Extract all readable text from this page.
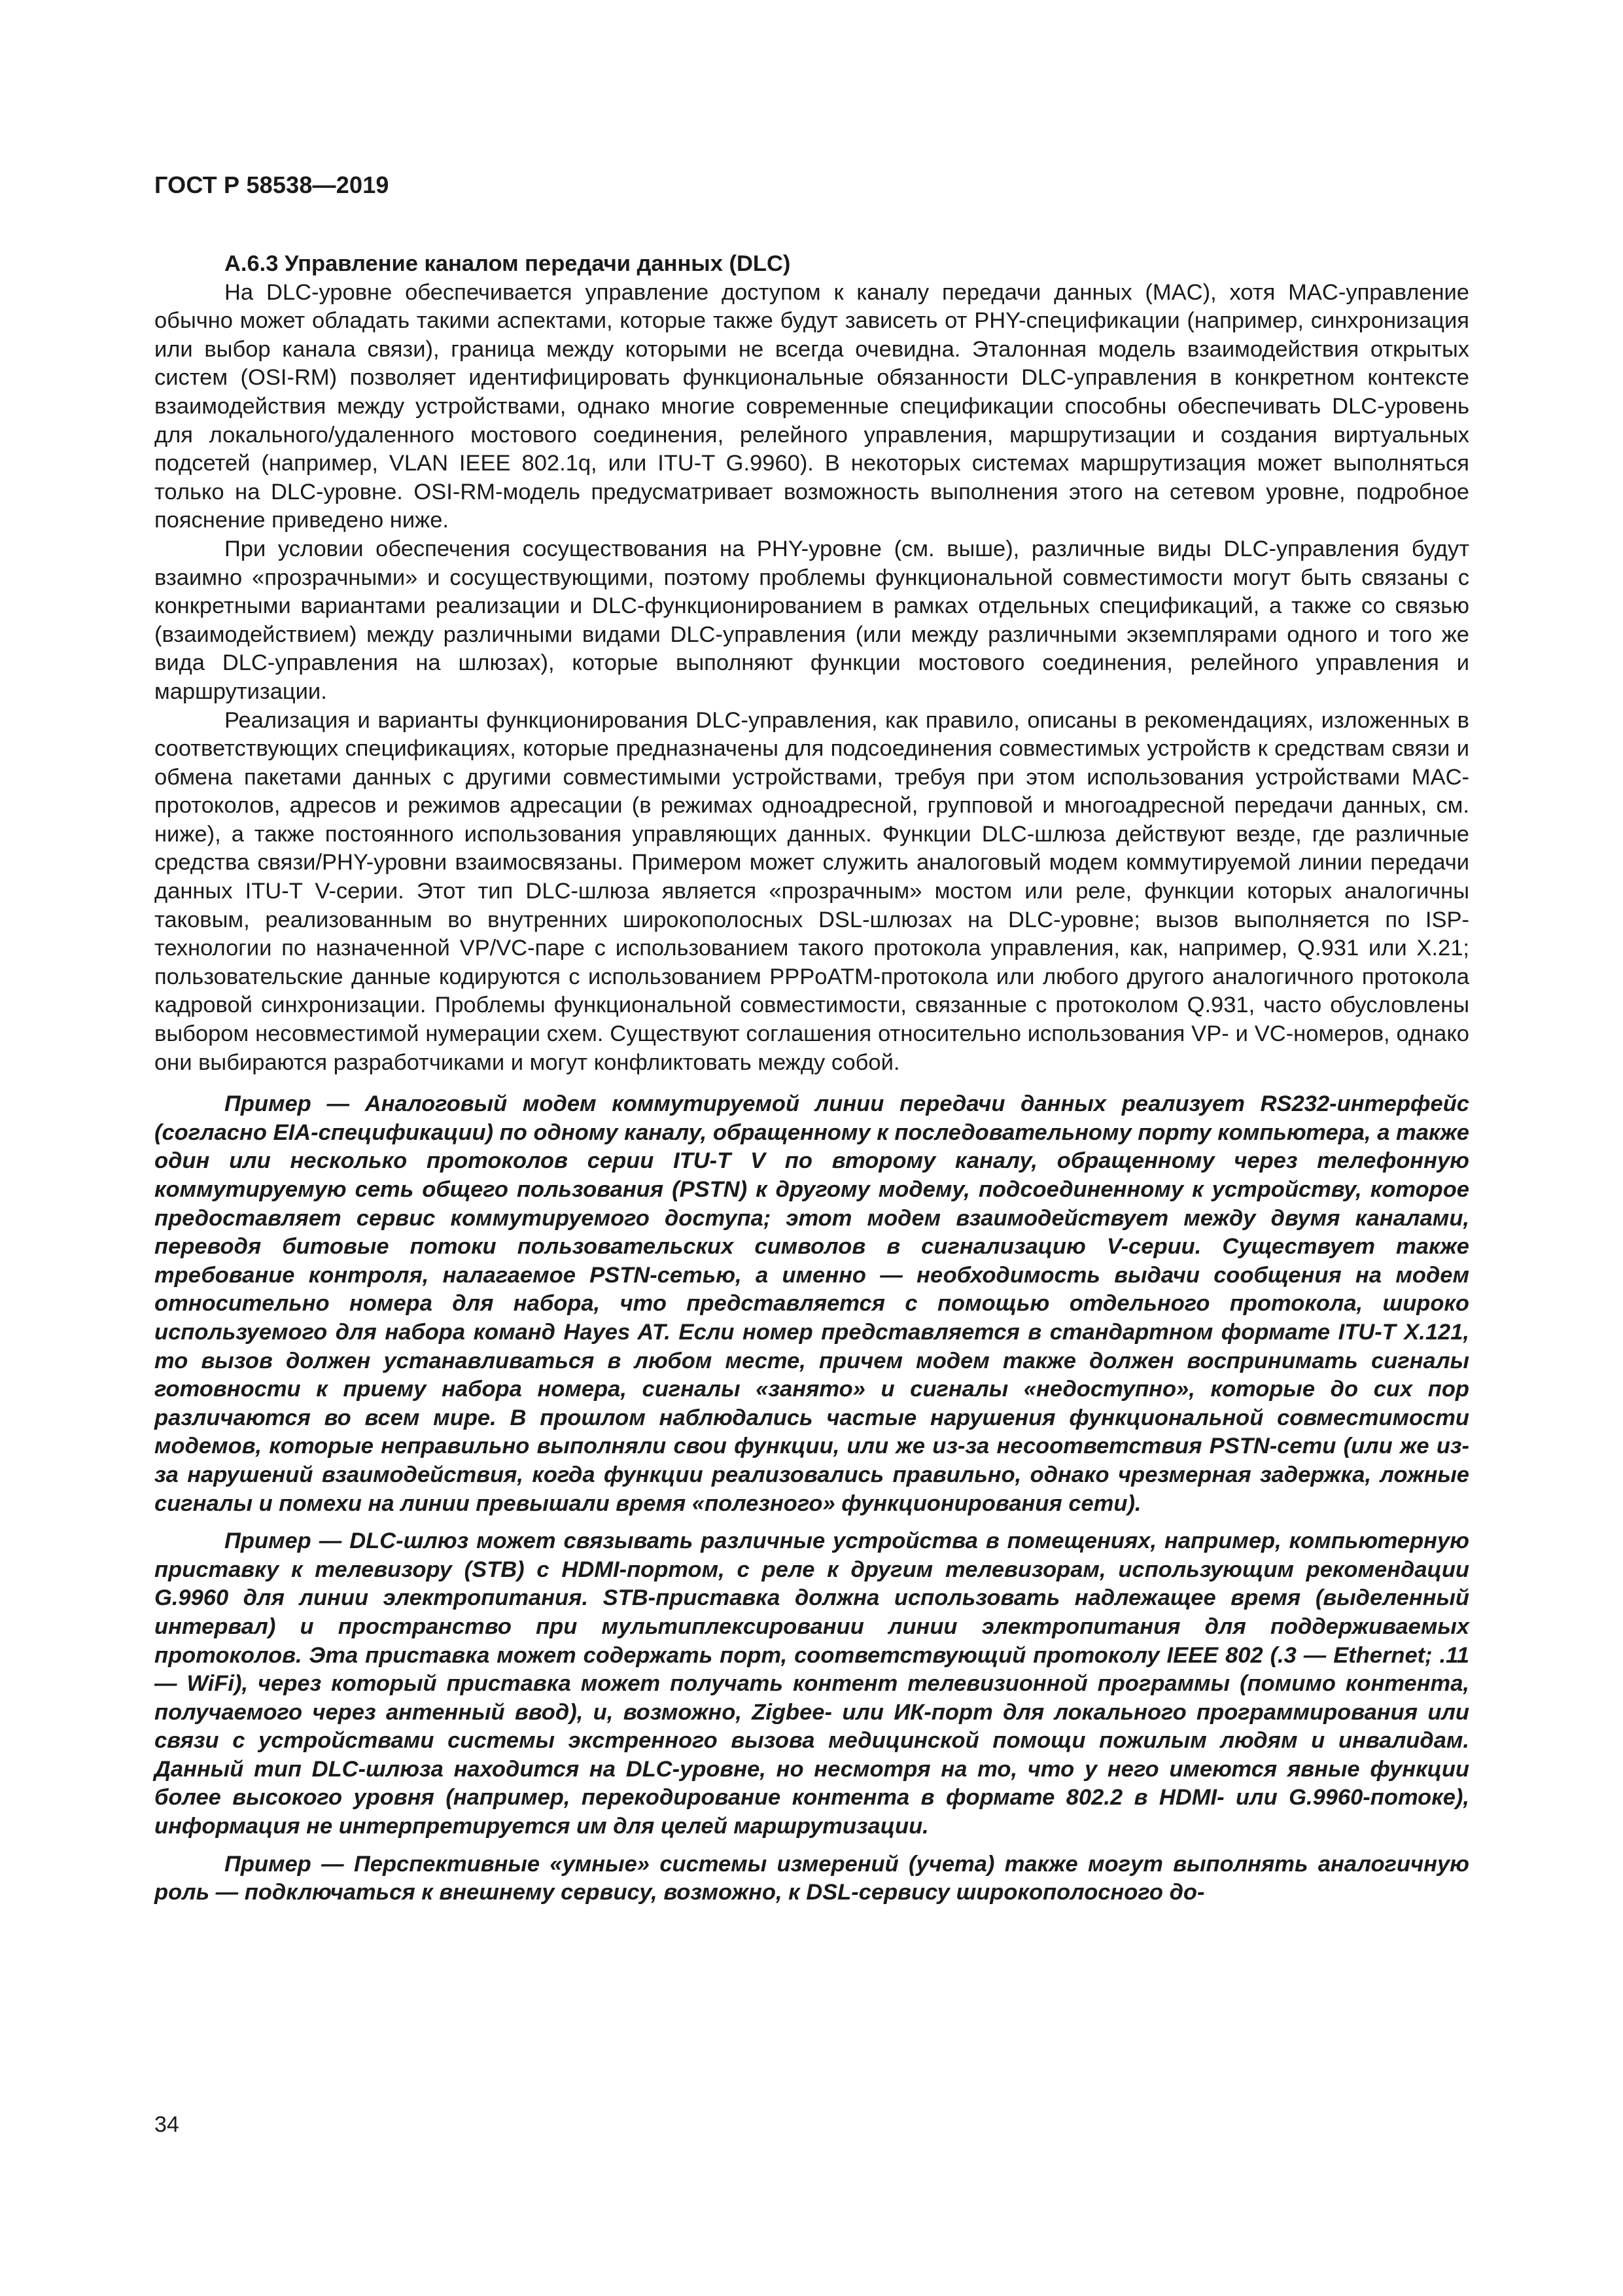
ГОСТ Р 58538—2019

А.6.3 Управление каналом передачи данных (DLC)

На DLC-уровне обеспечивается управление доступом к каналу передачи данных (MAC), хотя MAC-управление обычно может обладать такими аспектами, которые также будут зависеть от PHY-спецификации (например, синхронизация или выбор канала связи), граница между которыми не всегда очевидна. Эталонная модель взаимодействия открытых систем (OSI-RM) позволяет идентифицировать функциональные обязанности DLC-управления в конкретном контексте взаимодействия между устройствами, однако многие современные спецификации способны обеспечивать DLC-уровень для локального/удаленного мостового соединения, релейного управления, маршрутизации и создания виртуальных подсетей (например, VLAN IEEE 802.1q, или ITU-T G.9960). В некоторых системах маршрутизация может выполняться только на DLC-уровне. OSI-RM-модель предусматривает возможность выполнения этого на сетевом уровне, подробное пояснение приведено ниже.

При условии обеспечения сосуществования на PHY-уровне (см. выше), различные виды DLC-управления будут взаимно «прозрачными» и сосуществующими, поэтому проблемы функциональной совместимости могут быть связаны с конкретными вариантами реализации и DLC-функционированием в рамках отдельных спецификаций, а также со связью (взаимодействием) между различными видами DLC-управления (или между различными экземплярами одного и того же вида DLC-управления на шлюзах), которые выполняют функции мостового соединения, релейного управления и маршрутизации.

Реализация и варианты функционирования DLC-управления, как правило, описаны в рекомендациях, изложенных в соответствующих спецификациях, которые предназначены для подсоединения совместимых устройств к средствам связи и обмена пакетами данных с другими совместимыми устройствами, требуя при этом использования устройствами MAC-протоколов, адресов и режимов адресации (в режимах одноадресной, групповой и многоадресной передачи данных, см. ниже), а также постоянного использования управляющих данных. Функции DLC-шлюза действуют везде, где различные средства связи/PHY-уровни взаимосвязаны. Примером может служить аналоговый модем коммутируемой линии передачи данных ITU-T V-серии. Этот тип DLC-шлюза является «прозрачным» мостом или реле, функции которых аналогичны таковым, реализованным во внутренних широкополосных DSL-шлюзах на DLC-уровне; вызов выполняется по ISP-технологии по назначенной VP/VC-паре с использованием такого протокола управления, как, например, Q.931 или X.21; пользовательские данные кодируются с использованием PPPoATM-протокола или любого другого аналогичного протокола кадровой синхронизации. Проблемы функциональной совместимости, связанные с протоколом Q.931, часто обусловлены выбором несовместимой нумерации схем. Существуют соглашения относительно использования VP- и VC-номеров, однако они выбираются разработчиками и могут конфликтовать между собой.

Пример — Аналоговый модем коммутируемой линии передачи данных реализует RS232-интерфейс (согласно EIA-спецификации) по одному каналу, обращенному к последовательному порту компьютера, а также один или несколько протоколов серии ITU-T V по второму каналу, обращенному через телефонную коммутируемую сеть общего пользования (PSTN) к другому модему, подсоединенному к устройству, которое предоставляет сервис коммутируемого доступа; этот модем взаимодействует между двумя каналами, переводя битовые потоки пользовательских символов в сигнализацию V-серии. Существует также требование контроля, налагаемое PSTN-сетью, а именно — необходимость выдачи сообщения на модем относительно номера для набора, что представляется с помощью отдельного протокола, широко используемого для набора команд Hayes AT. Если номер представляется в стандартном формате ITU-T X.121, то вызов должен устанавливаться в любом месте, причем модем также должен воспринимать сигналы готовности к приему набора номера, сигналы «занято» и сигналы «недоступно», которые до сих пор различаются во всем мире. В прошлом наблюдались частые нарушения функциональной совместимости модемов, которые неправильно выполняли свои функции, или же из-за несоответствия PSTN-сети (или же из-за нарушений взаимодействия, когда функции реализовались правильно, однако чрезмерная задержка, ложные сигналы и помехи на линии превышали время «полезного» функционирования сети).

Пример — DLC-шлюз может связывать различные устройства в помещениях, например, компьютерную приставку к телевизору (STB) с HDMI-портом, с реле к другим телевизорам, использующим рекомендации G.9960 для линии электропитания. STB-приставка должна использовать надлежащее время (выделенный интервал) и пространство при мультиплексировании линии электропитания для поддерживаемых протоколов. Эта приставка может содержать порт, соответствующий протоколу IEEE 802 (.3 — Ethernet; .11 — WiFi), через который приставка может получать контент телевизионной программы (помимо контента, получаемого через антенный ввод), и, возможно, Zigbee- или ИК-порт для локального программирования или связи с устройствами системы экстренного вызова медицинской помощи пожилым людям и инвалидам. Данный тип DLC-шлюза находится на DLC-уровне, но несмотря на то, что у него имеются явные функции более высокого уровня (например, перекодирование контента в формате 802.2 в HDMI- или G.9960-потоке), информация не интерпретируется им для целей маршрутизации.

Пример — Перспективные «умные» системы измерений (учета) также могут выполнять аналогичную роль — подключаться к внешнему сервису, возможно, к DSL-сервису широкополосного до-

34
